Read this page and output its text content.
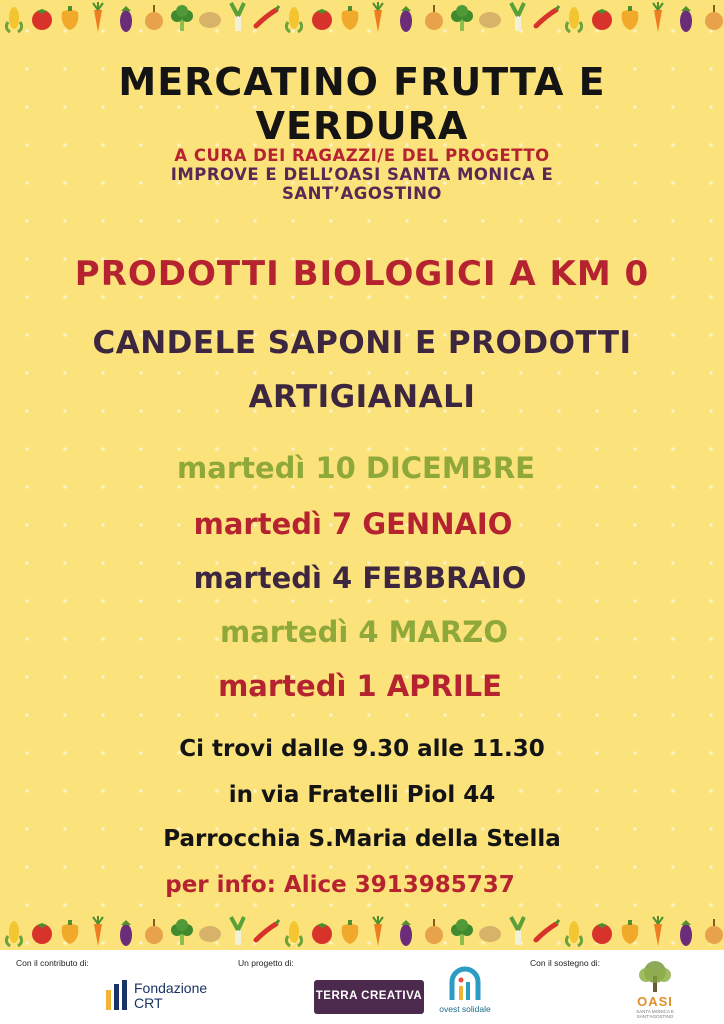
MERCATINO FRUTTA E VERDURA
A CURA DEI RAGAZZI/E DEL PROGETTO
IMPROVE E DELL’OASI SANTA MONICA E
SANT’AGOSTINO
PRODOTTI BIOLOGICI A KM 0
CANDELE SAPONI E PRODOTTI
ARTIGIANALI
martedì 10 DICEMBRE
martedì 7 GENNAIO
martedì 4 FEBBRAIO
martedì 4 MARZO
martedì 1 APRILE
Ci trovi dalle 9.30 alle 11.30
in via Fratelli Piol 44
Parrocchia S.Maria della Stella
per info: Alice 3913985737
Con il contributo di:	Un progetto di:	Con il sostegno di:
Fondazione
CRT	TERRA CREATIVA
ovest solidale	OASI
SANTA MONICA E SANT'AGOSTINO
